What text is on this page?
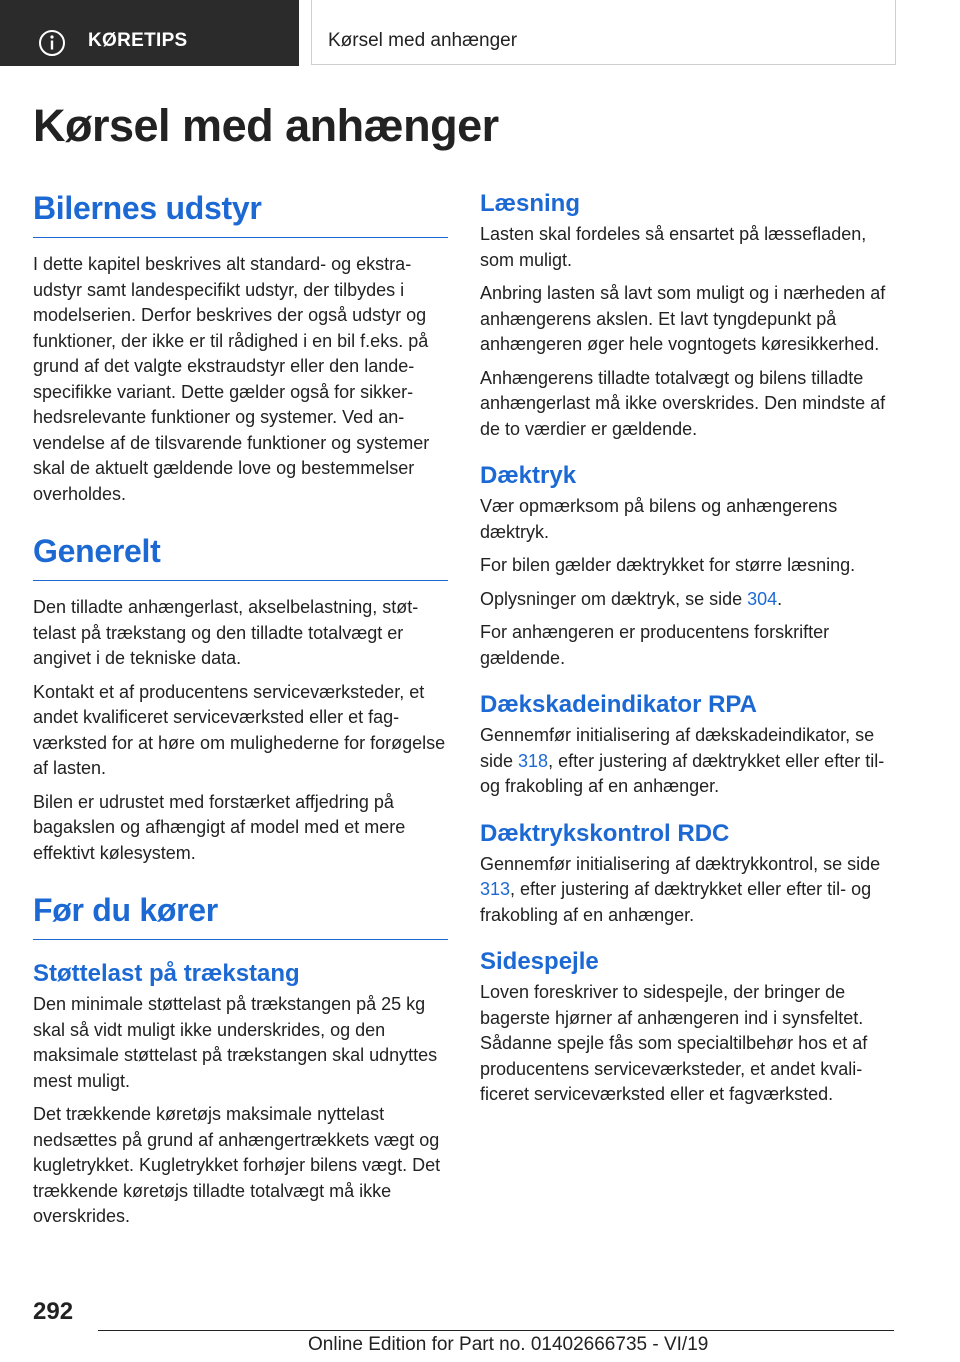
KØRETIPS	Kørsel med anhænger
Kørsel med anhænger
Bilernes udstyr

I dette kapitel beskrives alt standard- og ekstraudstyr samt landespecifikt udstyr, der tilbydes i modelserien. Derfor beskrives der også udstyr og funktioner, der ikke er til rådighed i en bil f.eks. på grund af det valgte ekstraudstyr eller den landespecifikke variant. Dette gælder også for sikkerhedsrelevante funktioner og systemer. Ved anvendelse af de tilsvarende funktioner og systemer skal de aktuelt gældende love og bestemmelser overholdes.

Generelt

Den tilladte anhængerlast, akselbelastning, støttelast på trækstang og den tilladte totalvægt er angivet i de tekniske data.

Kontakt et af producentens serviceværksteder, et andet kvalificeret serviceværksted eller et fagværksted for at høre om mulighederne for forøgelse af lasten.

Bilen er udrustet med forstærket affjedring på bagakslen og afhængigt af model med et mere effektivt kølesystem.

Før du kører
Støttelast på trækstang

Den minimale støttelast på trækstangen på 25 kg skal så vidt muligt ikke underskrides, og den maksimale støttelast på trækstangen skal udnyttes mest muligt.

Det trækkende køretøjs maksimale nyttelast nedsættes på grund af anhængertrækkets vægt og kugletrykket. Kugletrykket forhøjer bilens vægt. Det trækkende køretøjs tilladte totalvægt må ikke overskrides.

Læsning

Lasten skal fordeles så ensartet på læssefladen, som muligt.

Anbring lasten så lavt som muligt og i nærheden af anhængerens akslen. Et lavt tyngdepunkt på anhængeren øger hele vogntogets køresikkerhed.

Anhængerens tilladte totalvægt og bilens tilladte anhængerlast må ikke overskrides. Den mindste af de to værdier er gældende.

Dæktryk

Vær opmærksom på bilens og anhængerens dæktryk.

For bilen gælder dæktrykket for større læsning.

Oplysninger om dæktryk, se side 304.

For anhængeren er producentens forskrifter gældende.

Dækskadeindikator RPA

Gennemfør initialisering af dækskadeindikator, se side 318, efter justering af dæktrykket eller efter til- og frakobling af en anhænger.

Dæktrykskontrol RDC

Gennemfør initialisering af dæktrykkontrol, se side 313, efter justering af dæktrykket eller efter til- og frakobling af en anhænger.

Sidespejle

Loven foreskriver to sidespejle, der bringer de bagerste hjørner af anhængeren ind i synsfeltet. Sådanne spejle fås som specialtilbehør hos et af producentens serviceværksteder, et andet kvalificeret serviceværksted eller et fagværksted.

292
Online Edition for Part no. 01402666735 - VI/19
